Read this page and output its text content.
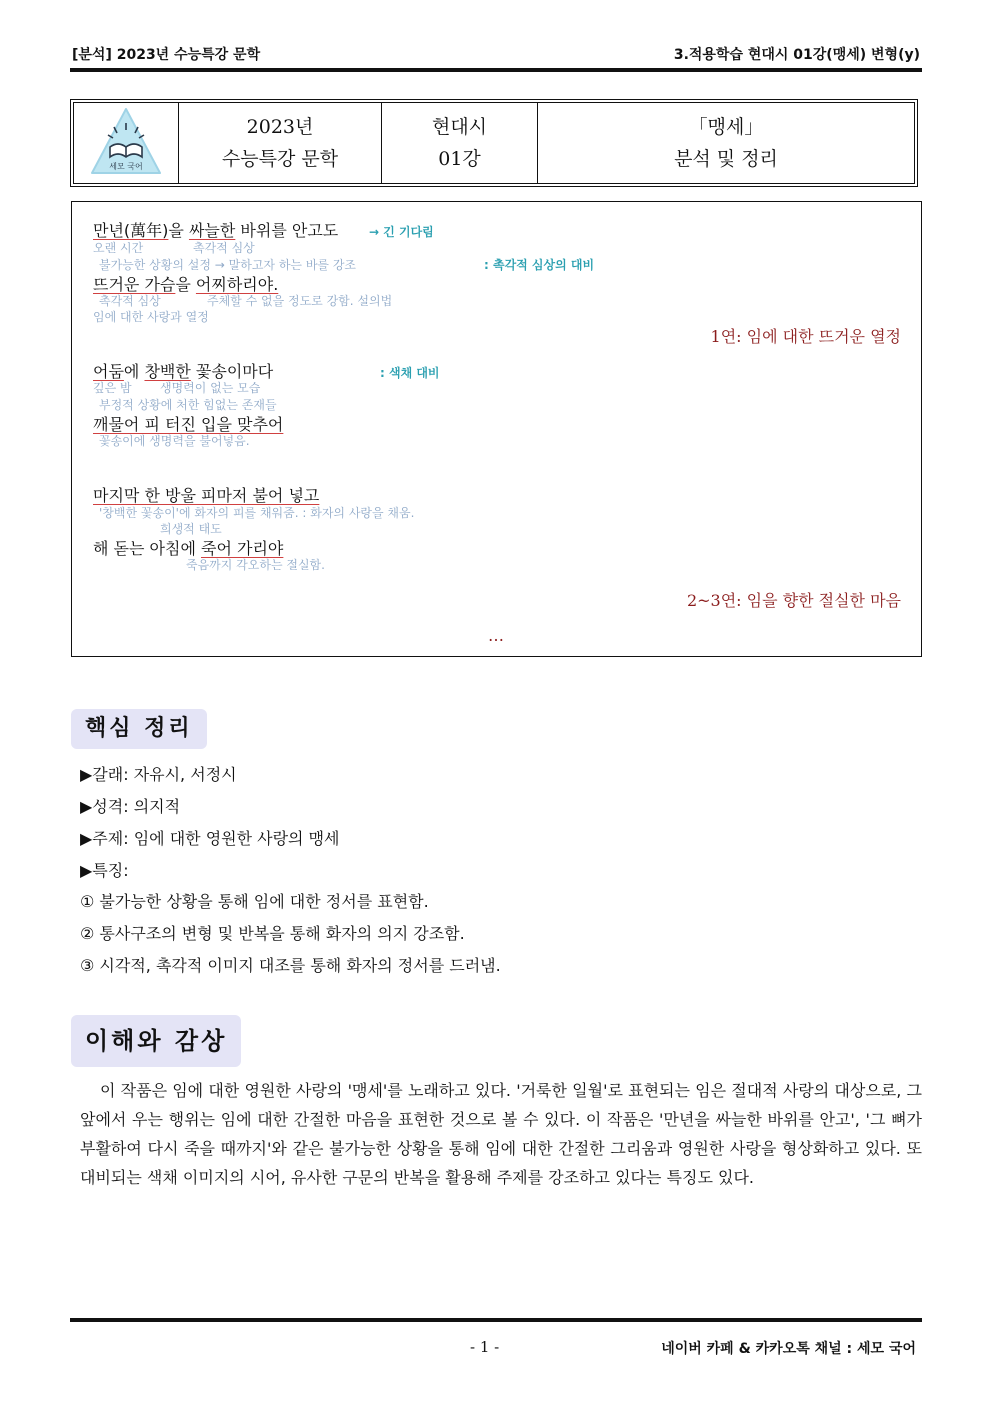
[분석] 2023년 수능특강 문학	3.적용학습 현대시 01강(맹세) 변형(y)
세모 국어
2023년
수능특강 문학
현대시
01강
「맹세」
분석 및 정리
만년(萬年)을 싸늘한 바위를 안고도	→ 긴 기다림
오랜 시간	촉각적 심상
불가능한 상황의 설정 → 말하고자 하는 바를 강조	: 촉각적 심상의 대비
뜨거운 가슴을 어찌하리야.
촉각적 심상	주체할 수 없을 정도로 강함. 설의법
임에 대한 사랑과 열정
1연: 임에 대한 뜨거운 열정
어둠에 창백한 꽃송이마다	: 색채 대비
깊은 밤 생명력이 없는 모습
부정적 상황에 처한 힘없는 존재들
깨물어 피 터진 입을 맞추어
꽃송이에 생명력을 불어넣음.
마지막 한 방울 피마저 불어 넣고
'창백한 꽃송이'에 화자의 피를 채워줌. : 화자의 사랑을 채움.
희생적 태도
해 돋는 아침에 죽어 가리야
죽음까지 각오하는 절실함.
2~3연: 임을 향한 절실한 마음
…
핵심 정리
▶갈래: 자유시, 서정시
▶성격: 의지적
▶주제: 임에 대한 영원한 사랑의 맹세
▶특징:
① 불가능한 상황을 통해 임에 대한 정서를 표현함.
② 통사구조의 변형 및 반복을 통해 화자의 의지 강조함.
③ 시각적, 촉각적 이미지 대조를 통해 화자의 정서를 드러냄.
이해와 감상
이 작품은 임에 대한 영원한 사랑의 '맹세'를 노래하고 있다. '거룩한 일월'로 표현되는 임은 절대적 사랑의 대상으로, 그 앞에서 우는 행위는 임에 대한 간절한 마음을 표현한 것으로 볼 수 있다. 이 작품은 '만년을 싸늘한 바위를 안고', '그 뼈가 부활하여 다시 죽을 때까지'와 같은 불가능한 상황을 통해 임에 대한 간절한 그리움과 영원한 사랑을 형상화하고 있다. 또 대비되는 색채 이미지의 시어, 유사한 구문의 반복을 활용해 주제를 강조하고 있다는 특징도 있다.
- 1 -	네이버 카페 & 카카오톡 채널 : 세모 국어
